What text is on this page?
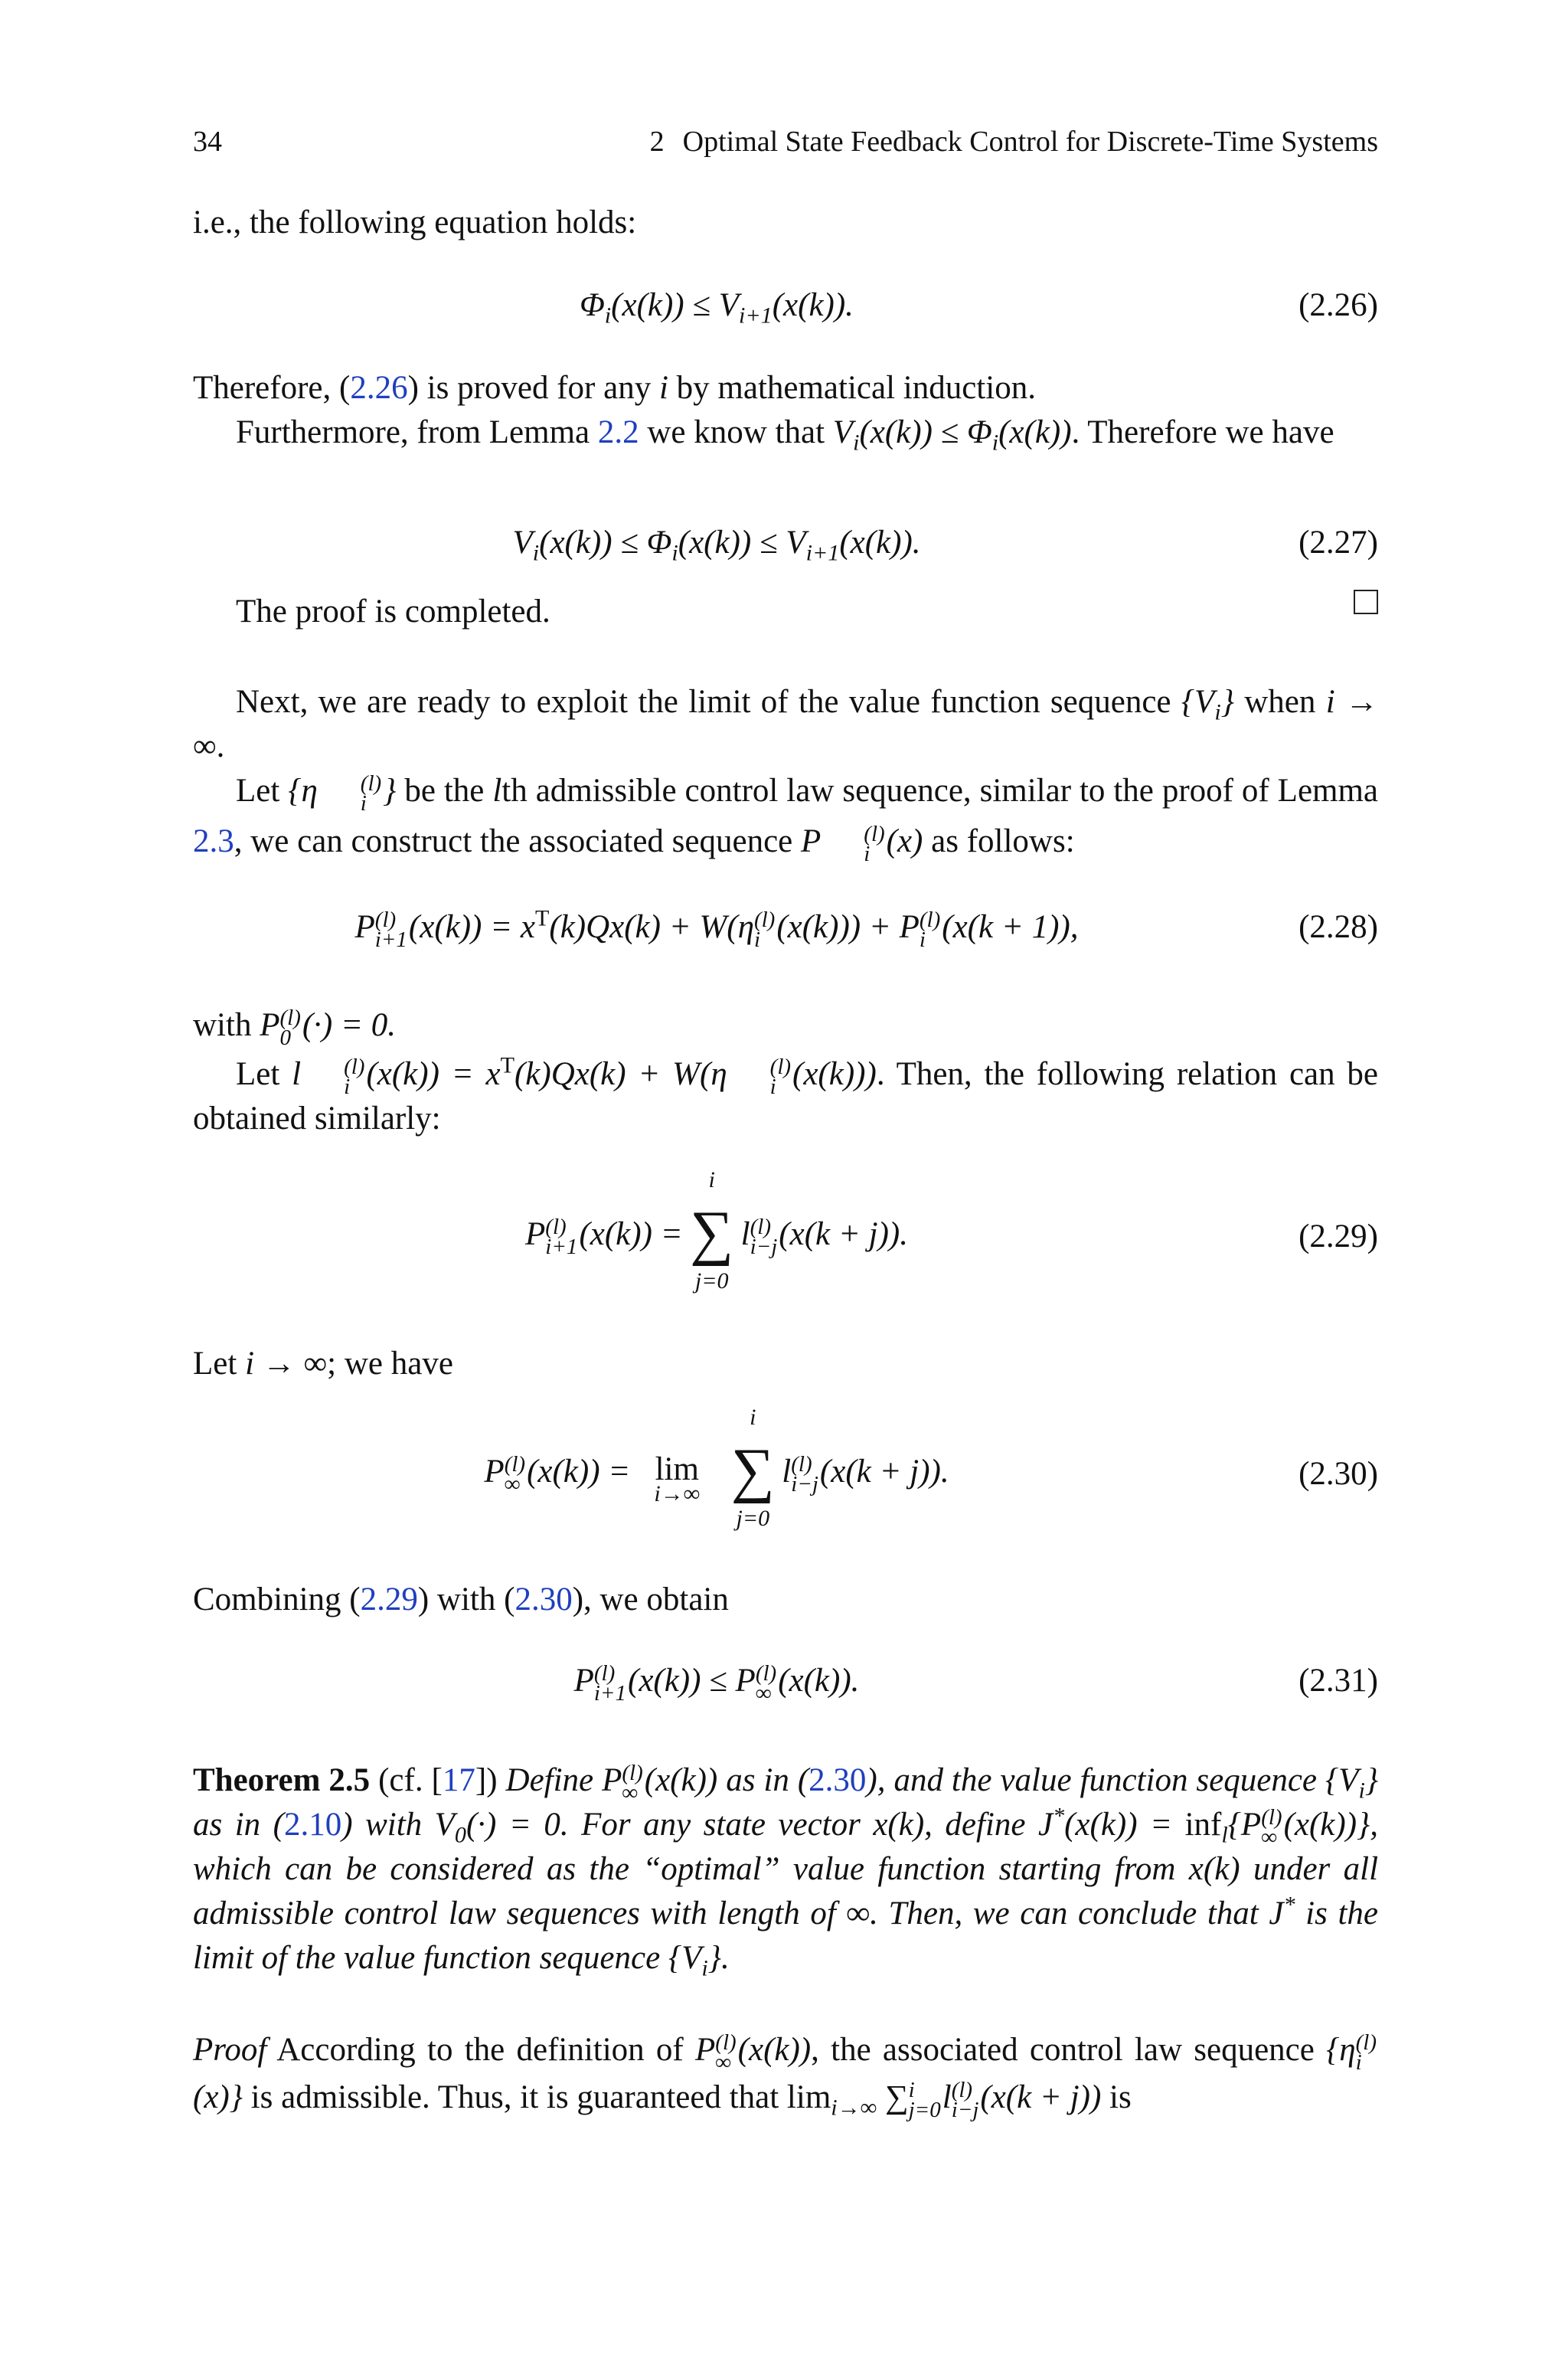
34	2 Optimal State Feedback Control for Discrete-Time Systems

i.e., the following equation holds:

$\Phi_i(x(k)) \le V_{i+1}(x(k))$.	(2.26)

Therefore, (2.26) is proved for any i by mathematical induction.

Furthermore, from Lemma 2.2 we know that $V_i(x(k)) \le \Phi_i(x(k))$. Therefore we have

$V_i(x(k)) \le \Phi_i(x(k)) \le V_{i+1}(x(k))$.	(2.27)
The proof is completed.

Next, we are ready to exploit the limit of the value function sequence $\{V_i\}$ when i → ∞.

Let {η	(l)
i } be the lth admissible control law sequence, similar to the proof of Lemma 2.3, we can construct the associated sequence P	(l)
i (x) as follows:

P (l)
i+1 $(x(k)) = x^T(k)Qx(k) + W(\eta$ (l)
i (x(k))) + P (l)
i (x(k + 1)),	(2.28)

with P (l)
0 (·) = 0.

Let l	(l)
i $(x(k)) = x^T(k)Qx(k) + W(\eta$	(l)
i (x(k))). Then, the following relation can be obtained similarly:

P (l)
i+1 (x(k)) =
i
∑
j=0
l (l)
i−j (x(k + j)).	(2.29)

Let i → ∞; we have

P (l)
∞ (x(k)) = lim
i→∞
i
∑
j=0
l (l)
i−j (x(k + j)).	(2.30)

Combining (2.29) with (2.30), we obtain

P (l)
i+1 (x(k)) ≤ P (l)
∞ (x(k)).	(2.31)

Theorem 2.5 (cf. [17]) Define P (l)
∞ (x(k)) as in (2.30), and the value function sequence $\{V_i\}$ as in (2.10) with $V_0(\cdot) = 0$. For any state vector x(k), define J*(x(k)) = inf$_l${P (l)
∞ (x(k))}, which can be considered as the “optimal” value function starting from x(k) under all admissible control law sequences with length of ∞. Then, we can conclude that J* is the limit of the value function sequence $\{V_i\}$.

Proof According to the definition of P (l)
∞ (x(k)), the associated control law sequence {η (l)
i
(x)} is admissible. Thus, it is guaranteed that $\lim_{i\to\infty}$ ∑ i
j=0 l (l)
i−j (x(k + j)) is
